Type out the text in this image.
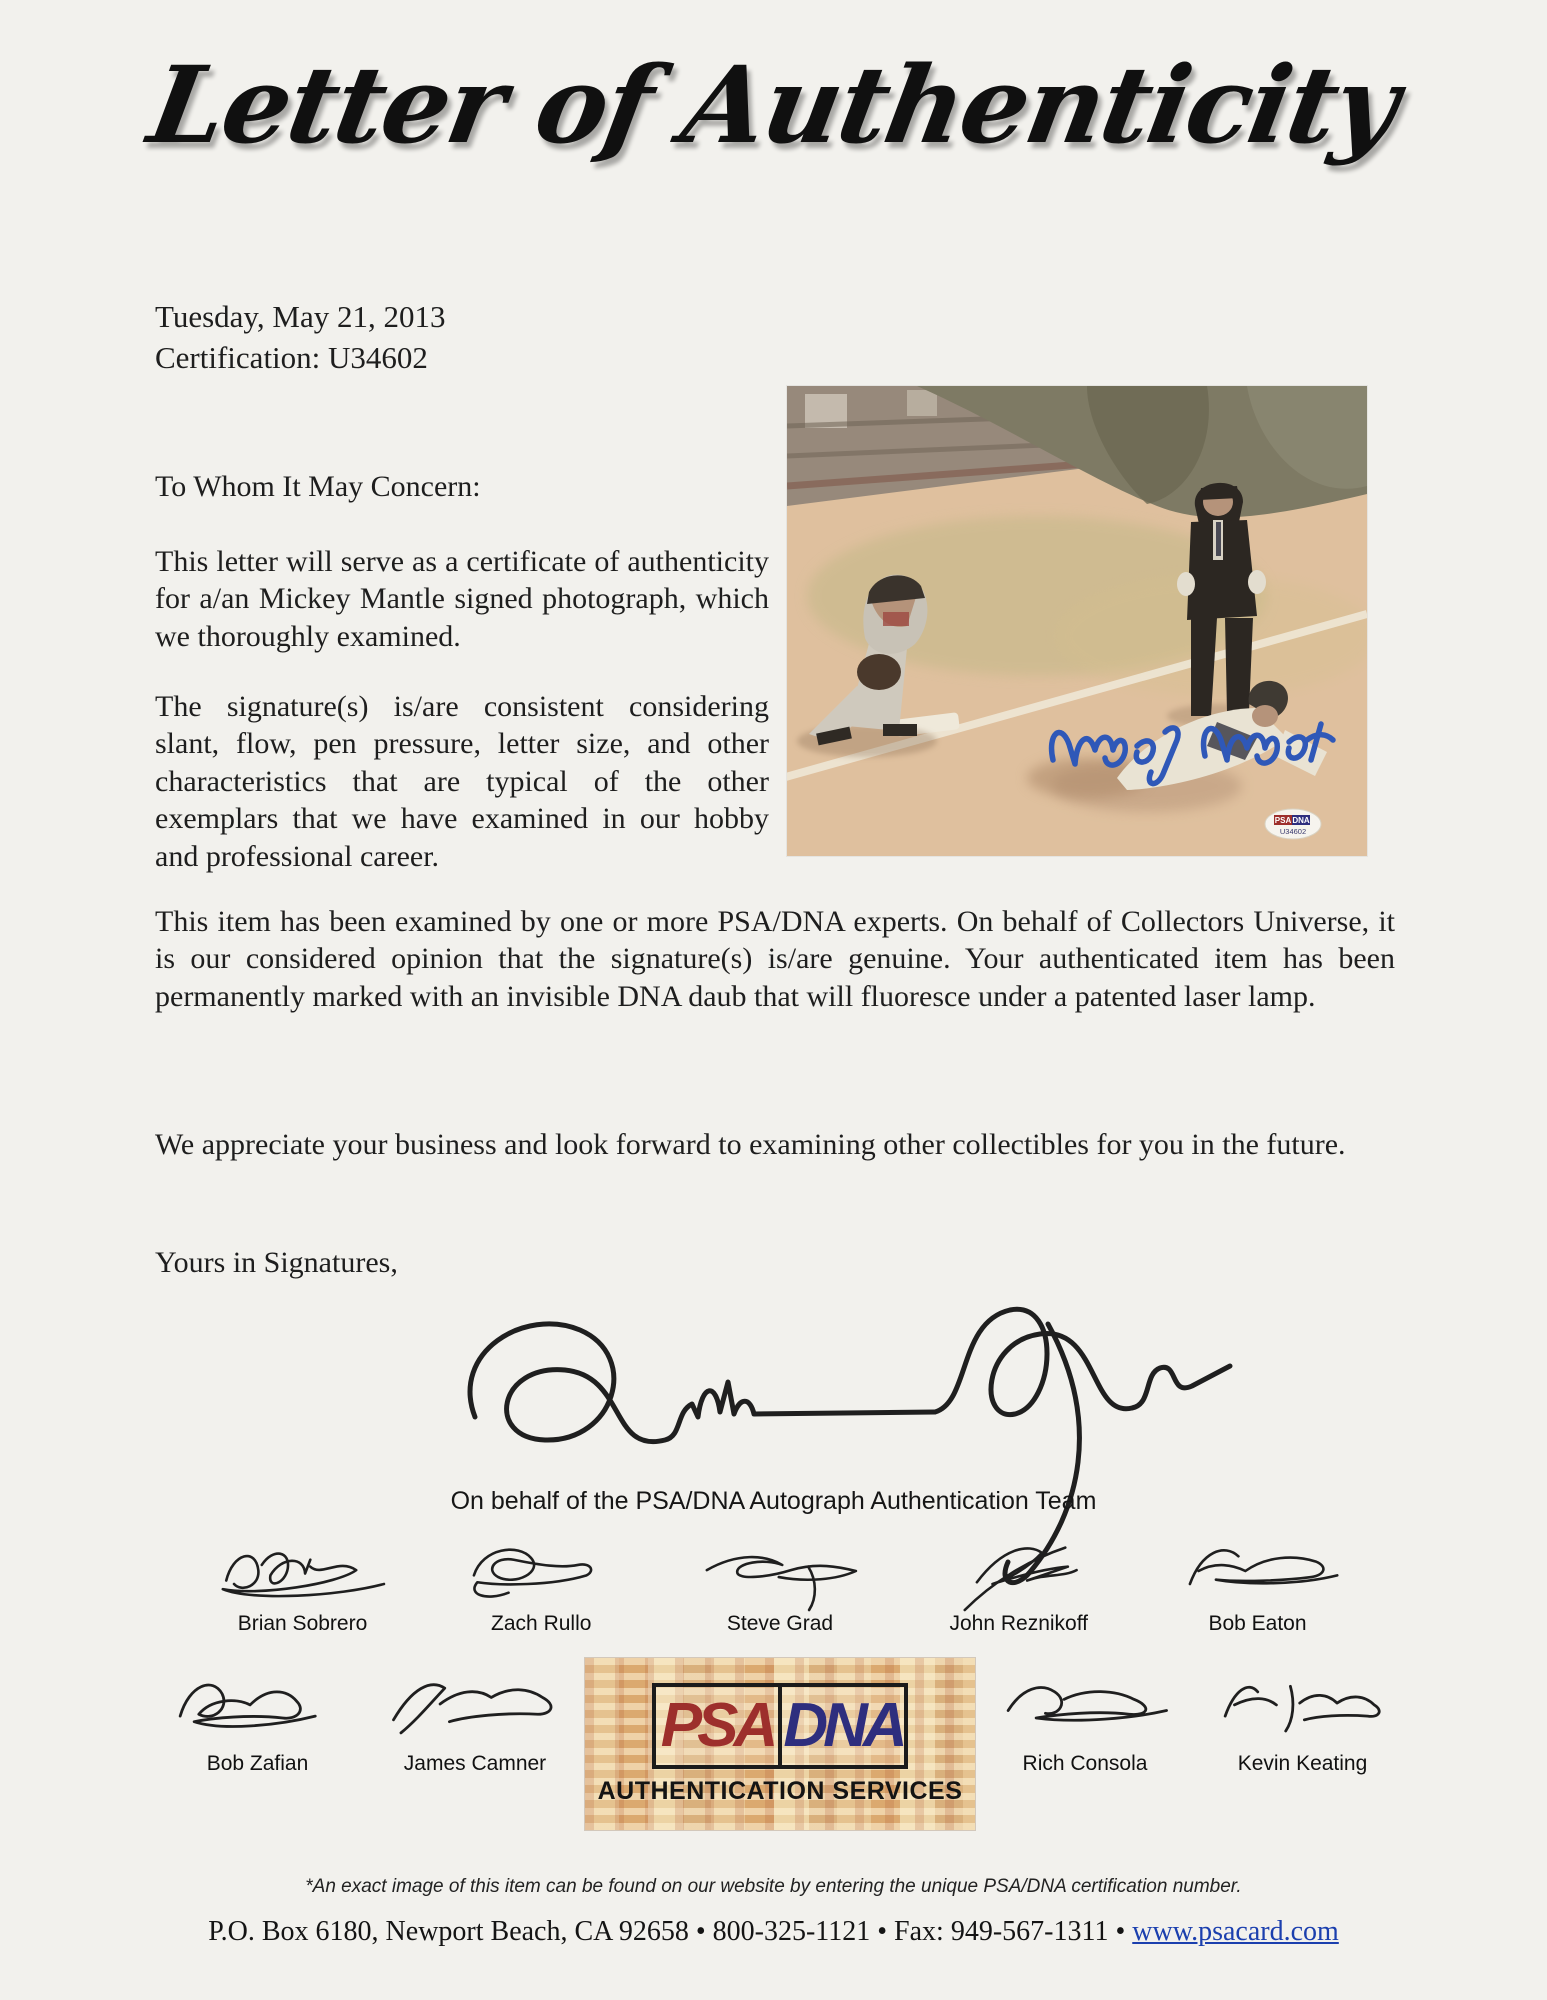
Letter of Authenticity
Tuesday, May 21, 2013
Certification: U34602
To Whom It May Concern:
This letter will serve as a certificate of authenticity for a/an Mickey Mantle signed photograph, which we thoroughly examined.
The signature(s) is/are consistent considering slant, flow, pen pressure, letter size, and other characteristics that are typical of the other exemplars that we have examined in our hobby and professional career.
This item has been examined by one or more PSA/DNA experts. On behalf of Collectors Universe, it is our considered opinion that the signature(s) is/are genuine. Your authenticated item has been permanently marked with an invisible DNA daub that will fluoresce under a patented laser lamp.
We appreciate your business and look forward to examining other collectibles for you in the future.
Yours in Signatures,
PSA DNA
U34602
On behalf of the PSA/DNA Autograph Authentication Team
Brian Sobrero	Zach Rullo	Steve Grad	John Reznikoff	Bob Eaton
Bob Zafian	James Camner
PSA DNA
AUTHENTICATION SERVICES
Rich Consola	Kevin Keating
*An exact image of this item can be found on our website by entering the unique PSA/DNA certification number.
P.O. Box 6180, Newport Beach, CA 92658 • 800-325-1121 • Fax: 949-567-1311 • www.psacard.com
